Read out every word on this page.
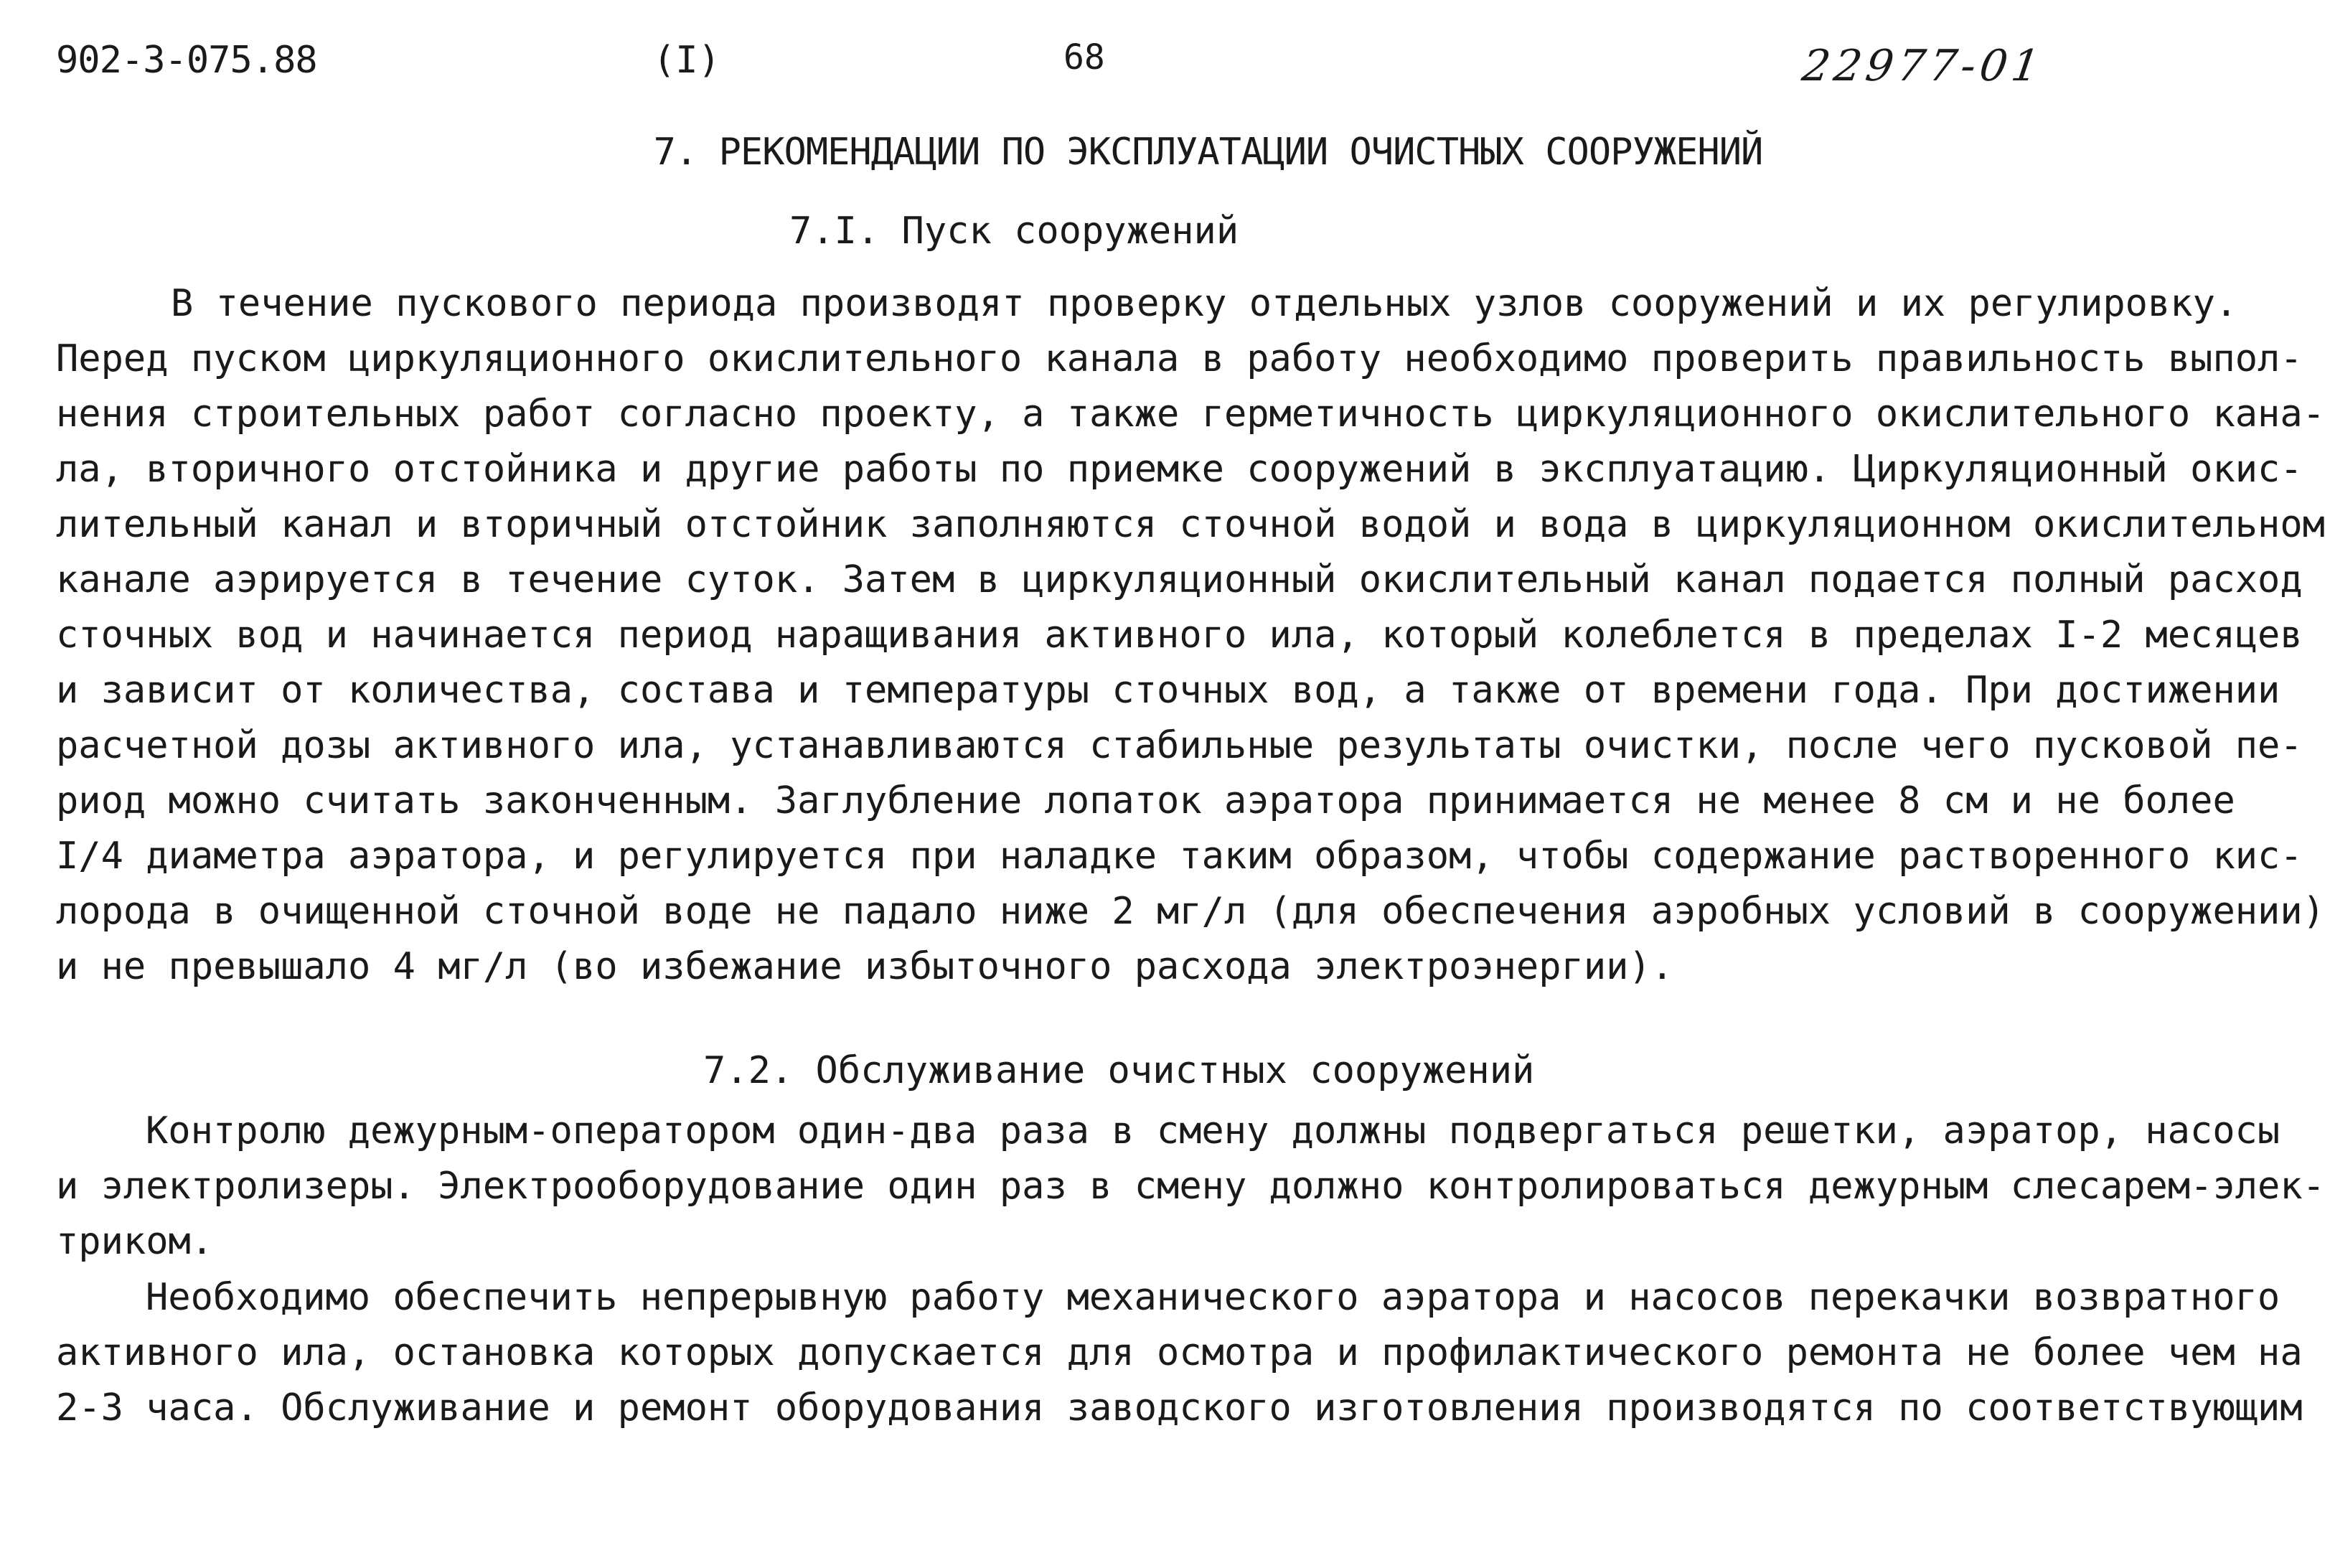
902-3-075.88	(I)	68	22977-01
7. РЕКОМЕНДАЦИИ ПО ЭКСПЛУАТАЦИИ ОЧИСТНЫХ СООРУЖЕНИЙ
7.I. Пуск сооружений
В течение пускового периода производят проверку отдельных узлов сооружений и их регулировку.
Перед пуском циркуляционного окислительного канала в работу необходимо проверить правильность выпол-
нения строительных работ согласно проекту, а также герметичность циркуляционного окислительного кана-
ла, вторичного отстойника и другие работы по приемке сооружений в эксплуатацию. Циркуляционный окис-
лительный канал и вторичный отстойник заполняются сточной водой и вода в циркуляционном окислительном
канале аэрируется в течение суток. Затем в циркуляционный окислительный канал подается полный расход
сточных вод и начинается период наращивания активного ила, который колеблется в пределах I-2 месяцев
и зависит от количества, состава и температуры сточных вод, а также от времени года. При достижении
расчетной дозы активного ила, устанавливаются стабильные результаты очистки, после чего пусковой пе-
риод можно считать законченным. Заглубление лопаток аэратора принимается не менее 8 см и не более
I/4 диаметра аэратора, и регулируется при наладке таким образом, чтобы содержание растворенного кис-
лорода в очищенной сточной воде не падало ниже 2 мг/л (для обеспечения аэробных условий в сооружении)
и не превышало 4 мг/л (во избежание избыточного расхода электроэнергии).
7.2. Обслуживание очистных сооружений
Контролю дежурным-оператором один-два раза в смену должны подвергаться решетки, аэратор, насосы
и электролизеры. Электрооборудование один раз в смену должно контролироваться дежурным слесарем-элек-
триком.
Необходимо обеспечить непрерывную работу механического аэратора и насосов перекачки возвратного
активного ила, остановка которых допускается для осмотра и профилактического ремонта не более чем на
2-3 часа. Обслуживание и ремонт оборудования заводского изготовления производятся по соответствующим
